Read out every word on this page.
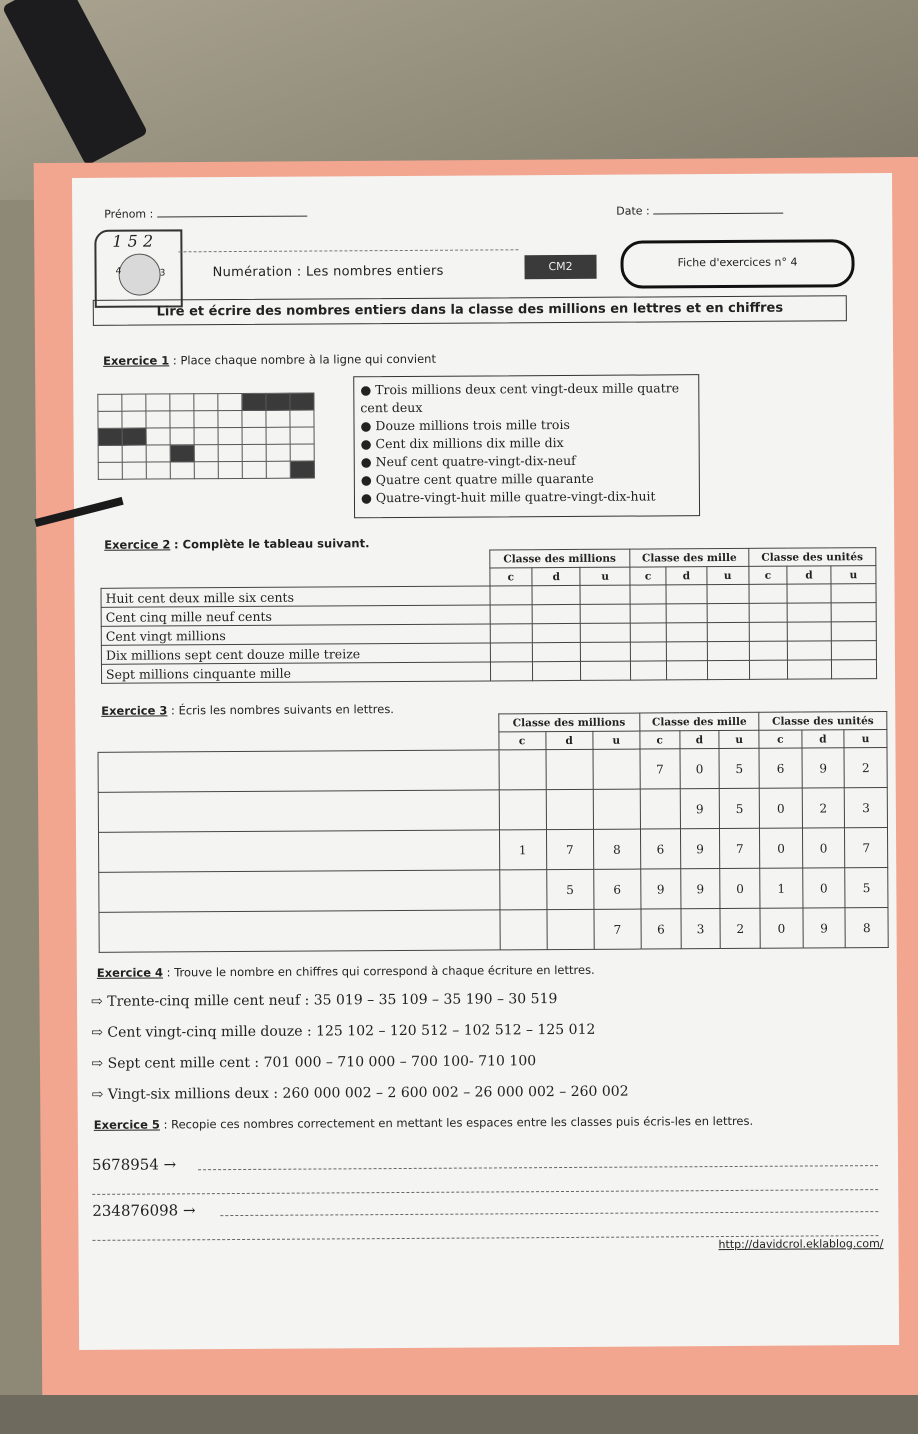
Prénom :	Date :
1 5 2
4	3	Numération : Les nombres entiers	CM2	Fiche d'exercices n° 4
Lire et écrire des nombres entiers dans la classe des millions en lettres et en chiffres
Exercice 1 : Place chaque nombre à la ligne qui convient

● Trois millions deux cent vingt-deux mille quatre cent deux
● Douze millions trois mille trois
● Cent dix millions dix mille dix
● Neuf cent quatre-vingt-dix-neuf
● Quatre cent quatre mille quarante
● Quatre-vingt-huit mille quatre-vingt-dix-huit
Exercice 2 : Complète le tableau suivant.
	Classe des millions			Classe des mille			Classe des unités		
	c	d	u	c	d	u	c	d	u
Huit cent deux mille six cents									
Cent cinq mille neuf cents									
Cent vingt millions									
Dix millions sept cent douze mille treize									
Sept millions cinquante mille									
Exercice 3 : Écris les nombres suivants en lettres.
	Classe des millions			Classe des mille			Classe des unités		
	c	d	u	c	d	u	c	d	u
				7	0	5	6	9	2
					9	5	0	2	3
	1	7	8	6	9	7	0	0	7
		5	6	9	9	0	1	0	5
			7	6	3	2	0	9	8
Exercice 4 : Trouve le nombre en chiffres qui correspond à chaque écriture en lettres.
⇨ Trente-cinq mille cent neuf : 35 019 – 35 109 – 35 190 – 30 519
⇨ Cent vingt-cinq mille douze : 125 102 – 120 512 – 102 512 – 125 012
⇨ Sept cent mille cent : 701 000 – 710 000 – 700 100- 710 100
⇨ Vingt-six millions deux : 260 000 002 – 2 600 002 – 26 000 002 – 260 002
Exercice 5 : Recopie ces nombres correctement en mettant les espaces entre les classes puis écris-les en lettres.
5678954 →
234876098 →
http://davidcrol.eklablog.com/
